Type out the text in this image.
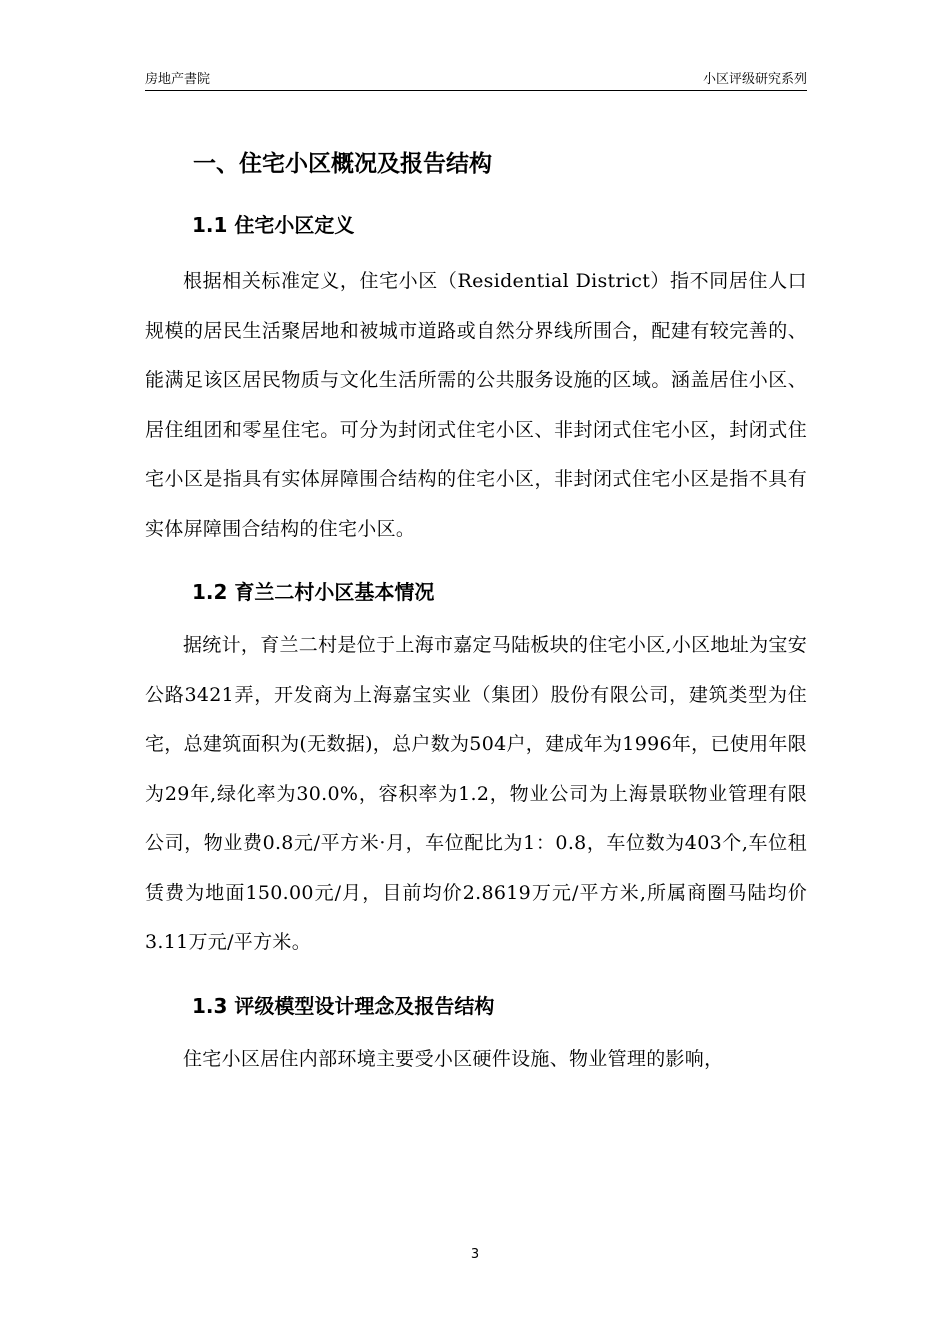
房地产書院	小区评级研究系列
一、住宅小区概况及报告结构
1.1 住宅小区定义

根据相关标准定义，住宅小区（Residential District）指不同居住人口规模的居民生活聚居地和被城市道路或自然分界线所围合，配建有较完善的、能满足该区居民物质与文化生活所需的公共服务设施的区域。涵盖居住小区、居住组团和零星住宅。可分为封闭式住宅小区、非封闭式住宅小区，封闭式住宅小区是指具有实体屏障围合结构的住宅小区，非封闭式住宅小区是指不具有实体屏障围合结构的住宅小区。

1.2 育兰二村小区基本情况

据统计，育兰二村是位于上海市嘉定马陆板块的住宅小区,小区地址为宝安公路3421弄，开发商为上海嘉宝实业（集团）股份有限公司，建筑类型为住宅，总建筑面积为(无数据)，总户数为504户，建成年为1996年，已使用年限为29年,绿化率为30.0%，容积率为1.2，物业公司为上海景联物业管理有限公司，物业费0.8元/平方米·月，车位配比为1：0.8，车位数为403个,车位租赁费为地面150.00元/月，目前均价2.8619万元/平方米,所属商圈马陆均价3.11万元/平方米。

1.3 评级模型设计理念及报告结构

住宅小区居住内部环境主要受小区硬件设施、物业管理的影响，

3
